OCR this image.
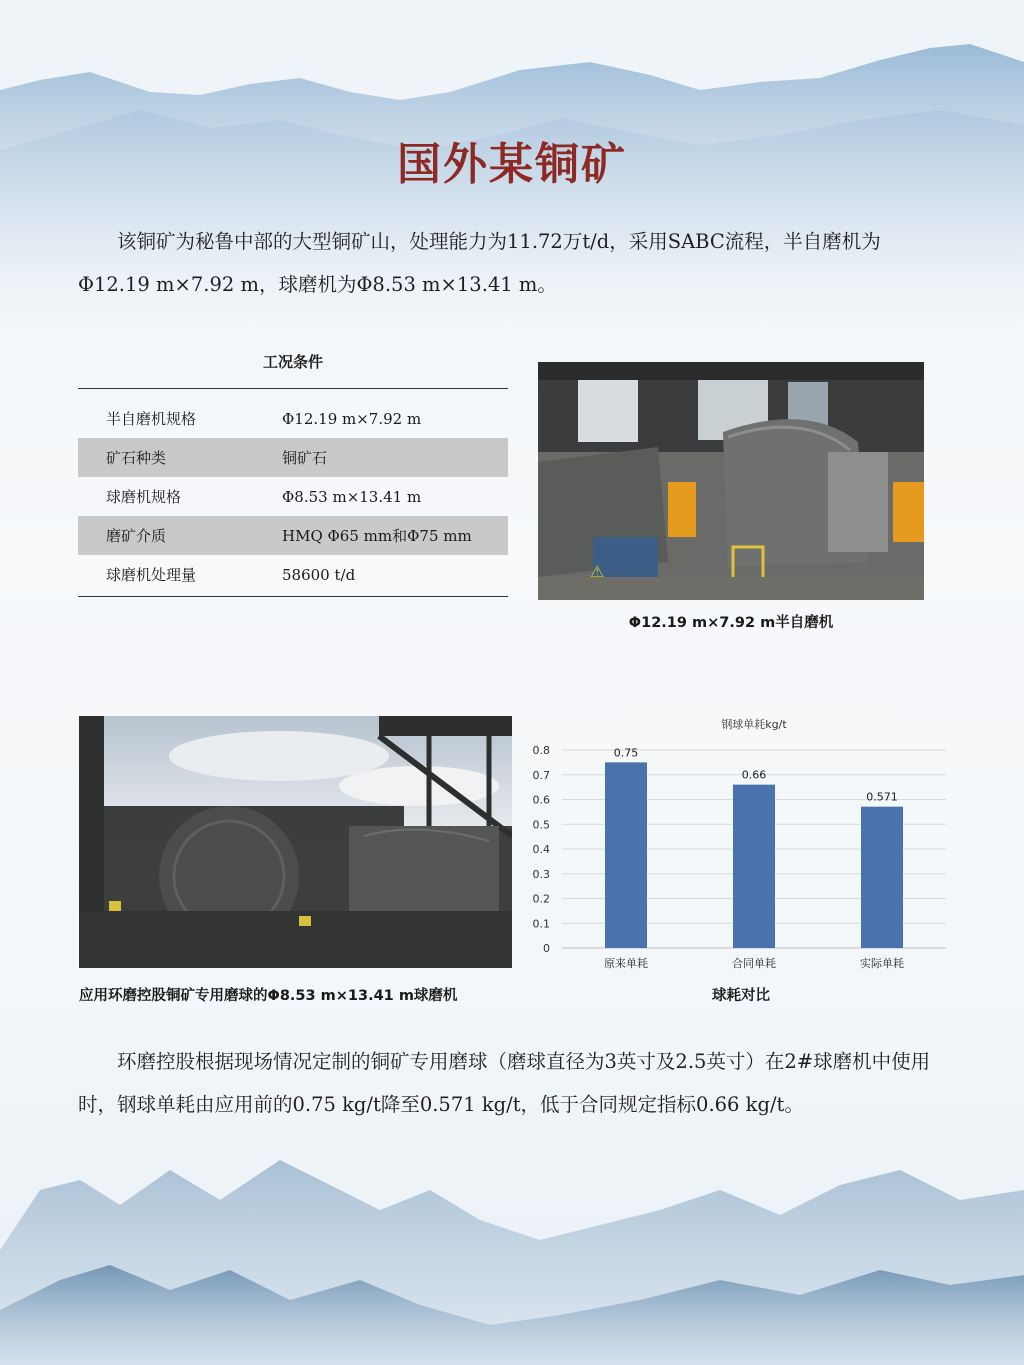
国外某铜矿

该铜矿为秘鲁中部的大型铜矿山，处理能力为11.72万t/d，采用SABC流程，半自磨机为Φ12.19 m×7.92 m，球磨机为Φ8.53 m×13.41 m。

工况条件
半自磨机规格	Φ12.19 m×7.92 m
矿石种类	铜矿石
球磨机规格	Φ8.53 m×13.41 m
磨矿介质	HMQ Φ65 mm和Φ75 mm
球磨机处理量	58600 t/d	⚠
Φ12.19 m×7.92 m半自磨机
应用环磨控股铜矿专用磨球的Φ8.53 m×13.41 m球磨机
钢球单耗kg/t
0
0.1
0.2
0.3
0.4
0.5
0.6
0.7
0.8	0.75
原来单耗
0.66
合同单耗
0.571
实际单耗
球耗对比

环磨控股根据现场情况定制的铜矿专用磨球（磨球直径为3英寸及2.5英寸）在2#球磨机中使用时，钢球单耗由应用前的0.75 kg/t降至0.571 kg/t，低于合同规定指标0.66 kg/t。
